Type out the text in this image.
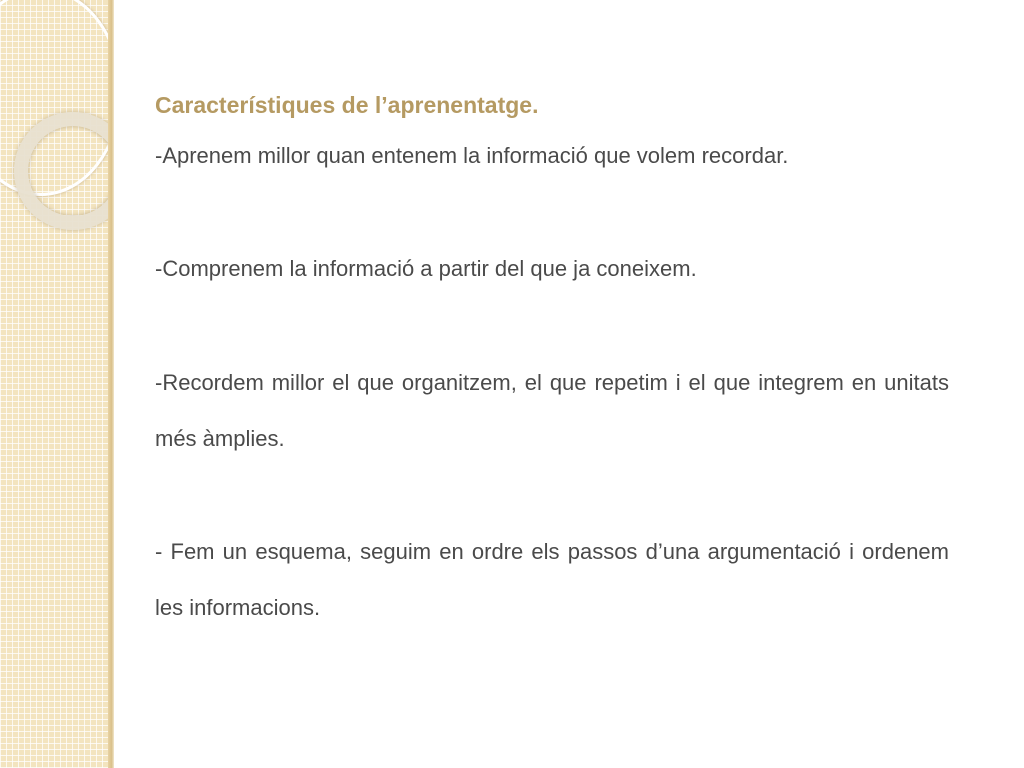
Característiques de l’aprenentatge.

-Aprenem millor quan entenem la informació que volem recordar.

-Comprenem la informació a partir del que ja coneixem.

-Recordem millor el que organitzem, el que repetim i el que integrem en unitats més àmplies.

- Fem un esquema, seguim en ordre els passos d’una argumentació i ordenem les informacions.
